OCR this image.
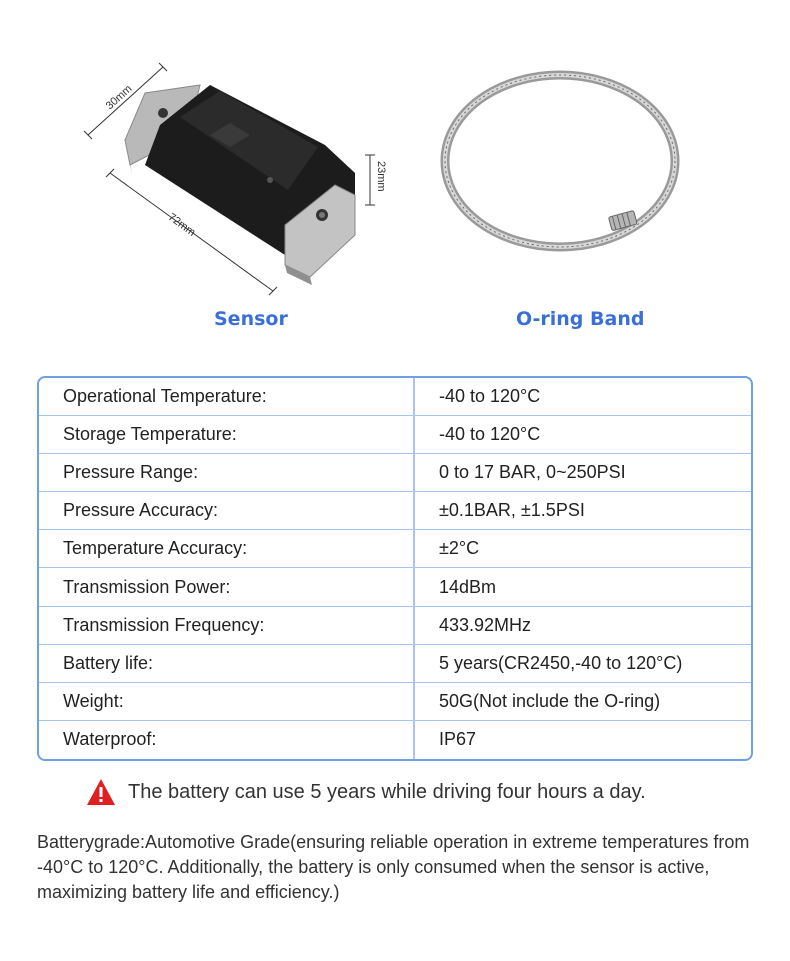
30mm
72mm
23mm
Sensor	O-ring Band
Operational Temperature:	-40 to 120°C
Storage Temperature:	-40 to 120°C
Pressure Range:	0 to 17 BAR, 0~250PSI
Pressure Accuracy:	±0.1BAR, ±1.5PSI
Temperature Accuracy:	±2°C
Transmission Power:	14dBm
Transmission Frequency:	433.92MHz
Battery life:	5 years(CR2450,-40 to 120°C)
Weight:	50G(Not include the O-ring)
Waterproof:	IP67
The battery can use 5 years while driving four hours a day.
Batterygrade:Automotive Grade(ensuring reliable operation in extreme temperatures from -40°C to 120°C. Additionally, the battery is only consumed when the sensor is active, maximizing battery life and efficiency.)
